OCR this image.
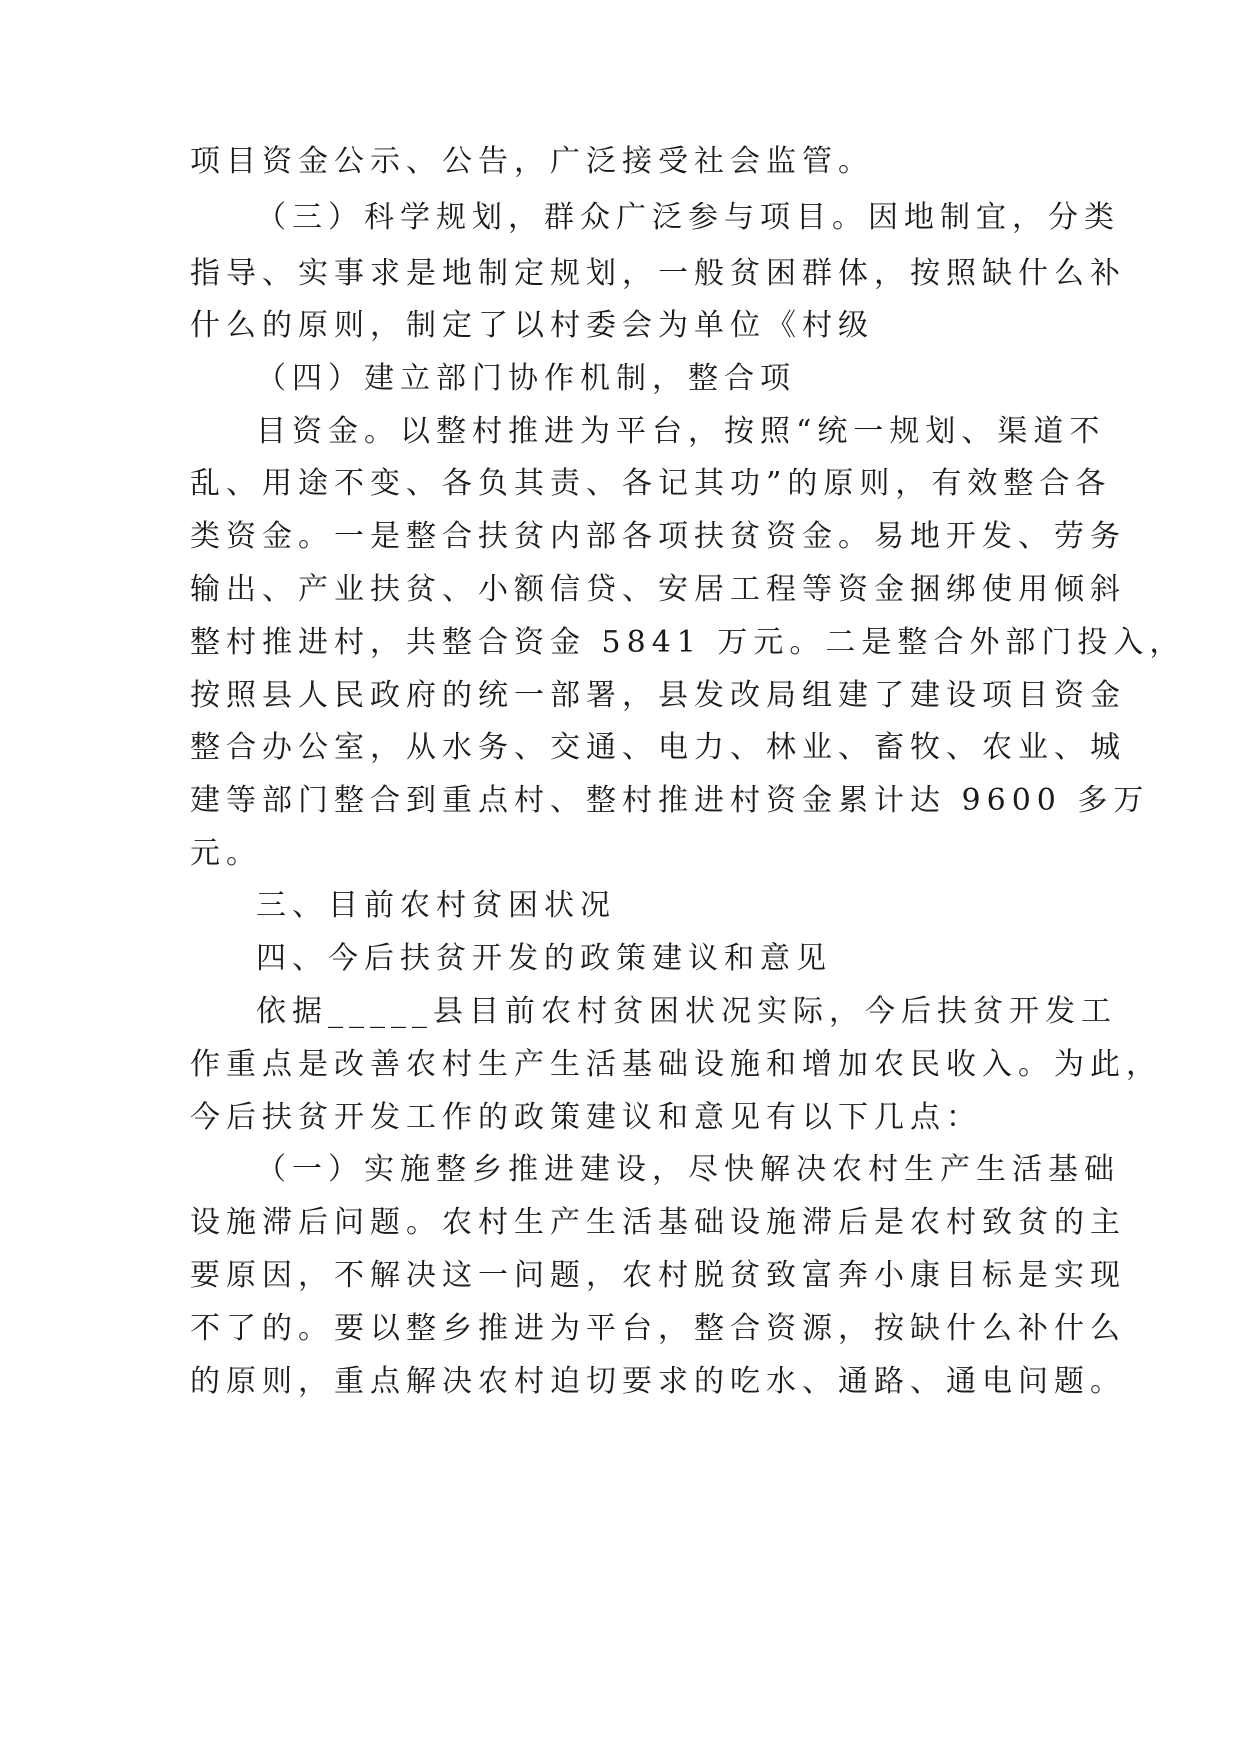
项目资金公示、公告，广泛接受社会监管。
（三）科学规划，群众广泛参与项目。因地制宜，分类
指导、实事求是地制定规划，一般贫困群体，按照缺什么补
什么的原则，制定了以村委会为单位《村级
（四）建立部门协作机制，整合项
目资金。以整村推进为平台，按照“统一规划、渠道不
乱、用途不变、各负其责、各记其功”的原则，有效整合各
类资金。一是整合扶贫内部各项扶贫资金。易地开发、劳务
输出、产业扶贫、小额信贷、安居工程等资金捆绑使用倾斜
整村推进村，共整合资金 5841 万元。二是整合外部门投入，
按照县人民政府的统一部署，县发改局组建了建设项目资金
整合办公室，从水务、交通、电力、林业、畜牧、农业、城
建等部门整合到重点村、整村推进村资金累计达 9600 多万
元。
三、目前农村贫困状况
四、今后扶贫开发的政策建议和意见
依据_____县目前农村贫困状况实际，今后扶贫开发工
作重点是改善农村生产生活基础设施和增加农民收入。为此，
今后扶贫开发工作的政策建议和意见有以下几点：
（一）实施整乡推进建设，尽快解决农村生产生活基础
设施滞后问题。农村生产生活基础设施滞后是农村致贫的主
要原因，不解决这一问题，农村脱贫致富奔小康目标是实现
不了的。要以整乡推进为平台，整合资源，按缺什么补什么
的原则，重点解决农村迫切要求的吃水、通路、通电问题。
